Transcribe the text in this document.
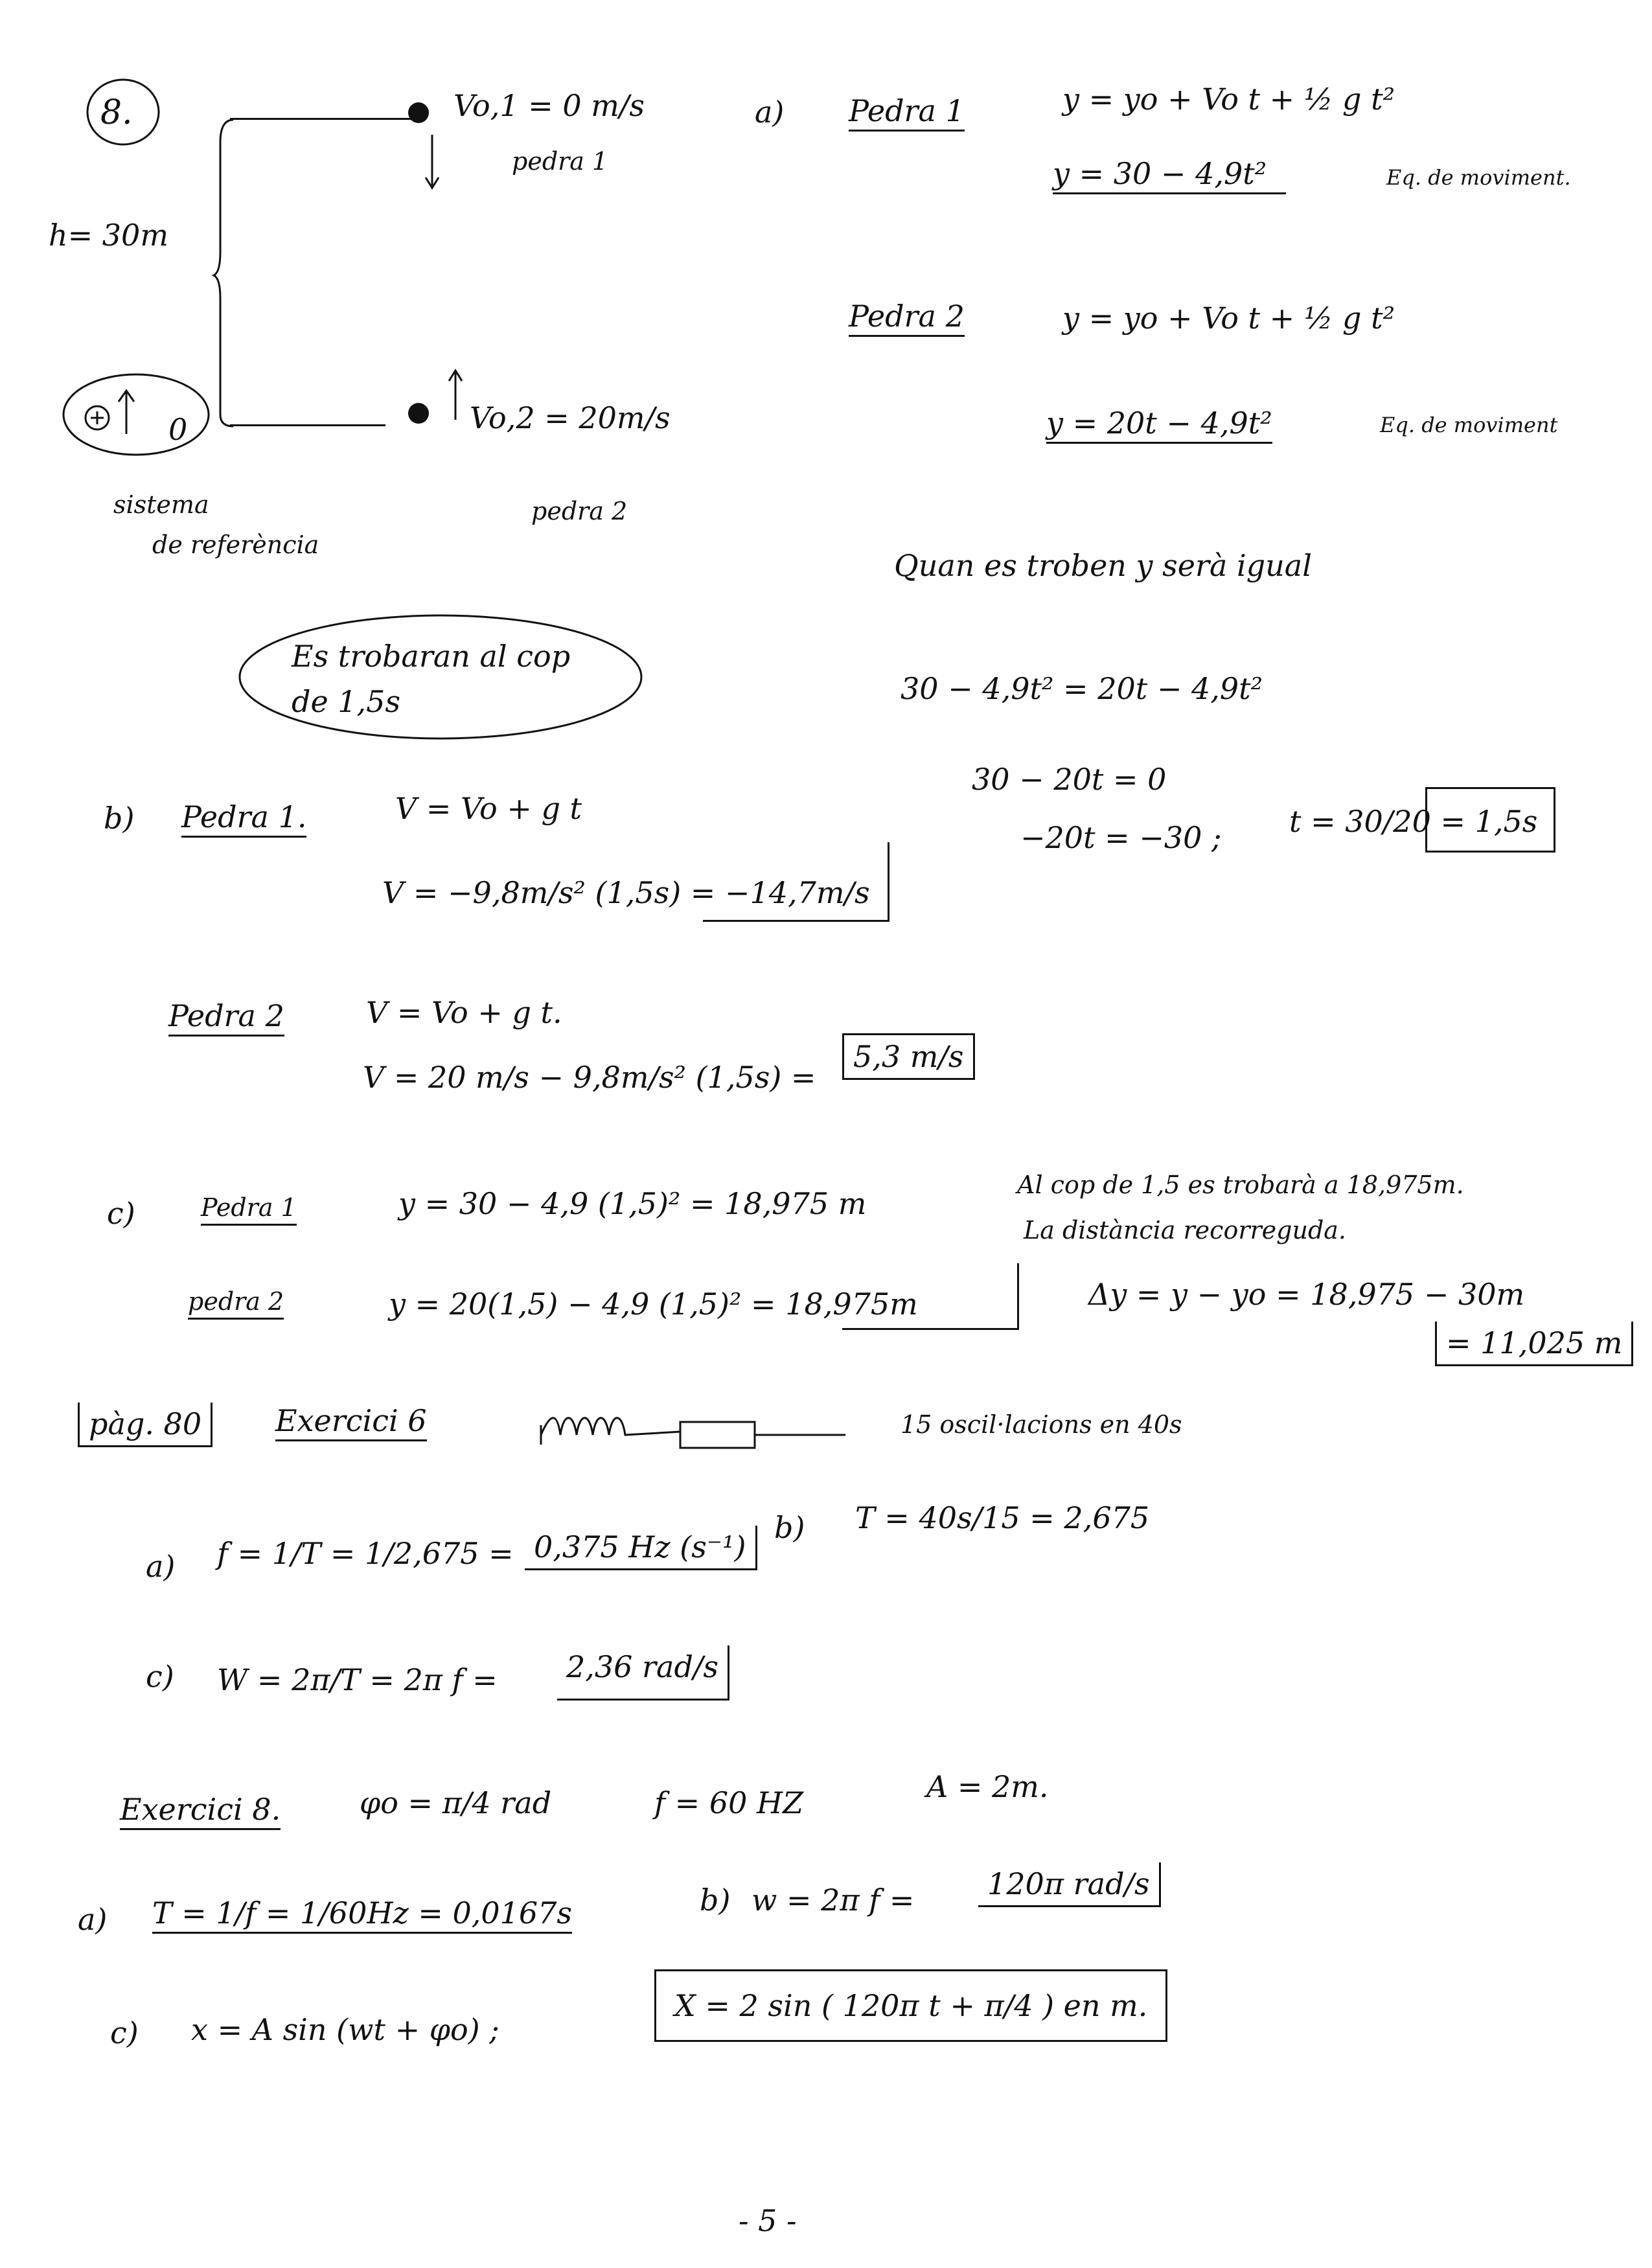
8.
h= 30m
Vo,1 = 0 m/s
pedra 1
Vo,2 = 20m/s
pedra 2
0
sistema
de referència
Es trobaran al cop
de 1,5s
a) Pedra 1	y = yo + Vo t + ½ g t²
y = 30 − 4,9t²	Eq. de moviment.
Pedra 2	y = yo + Vo t + ½ g t²
y = 20t − 4,9t²	Eq. de moviment
Quan es troben y serà igual
30 − 4,9t² = 20t − 4,9t²
30 − 20t = 0
−20t = −30 ; t = 30/20 = 1,5s
b) Pedra 1.	V = Vo + g t
V = −9,8m/s² (1,5s) = −14,7m/s
Pedra 2	V = Vo + g t.
V = 20 m/s − 9,8m/s² (1,5s) =
5,3 m/s
c)	Pedra 1	y = 30 − 4,9 (1,5)² = 18,975 m
Al cop de 1,5 es trobarà a 18,975m.
La distància recorreguda.
pedra 2	y = 20(1,5) − 4,9 (1,5)² = 18,975m	Δy = y − yo = 18,975 − 30m
= 11,025 m
pàg. 80	Exercici 6	15 oscil·lacions en 40s
a) f = 1/T = 1/2,675 = 0,375 Hz (s⁻¹)
b) T = 40s/15 = 2,675
c) W = 2π/T = 2π f =	2,36 rad/s
Exercici 8.	φo = π/4 rad	f = 60 HZ	A = 2m.
a) T = 1/f = 1/60Hz = 0,0167s	b) w = 2π f =	120π rad/s
c) x = A sin (wt + φo) ;
X = 2 sin ( 120π t + π/4 ) en m.
- 5 -
